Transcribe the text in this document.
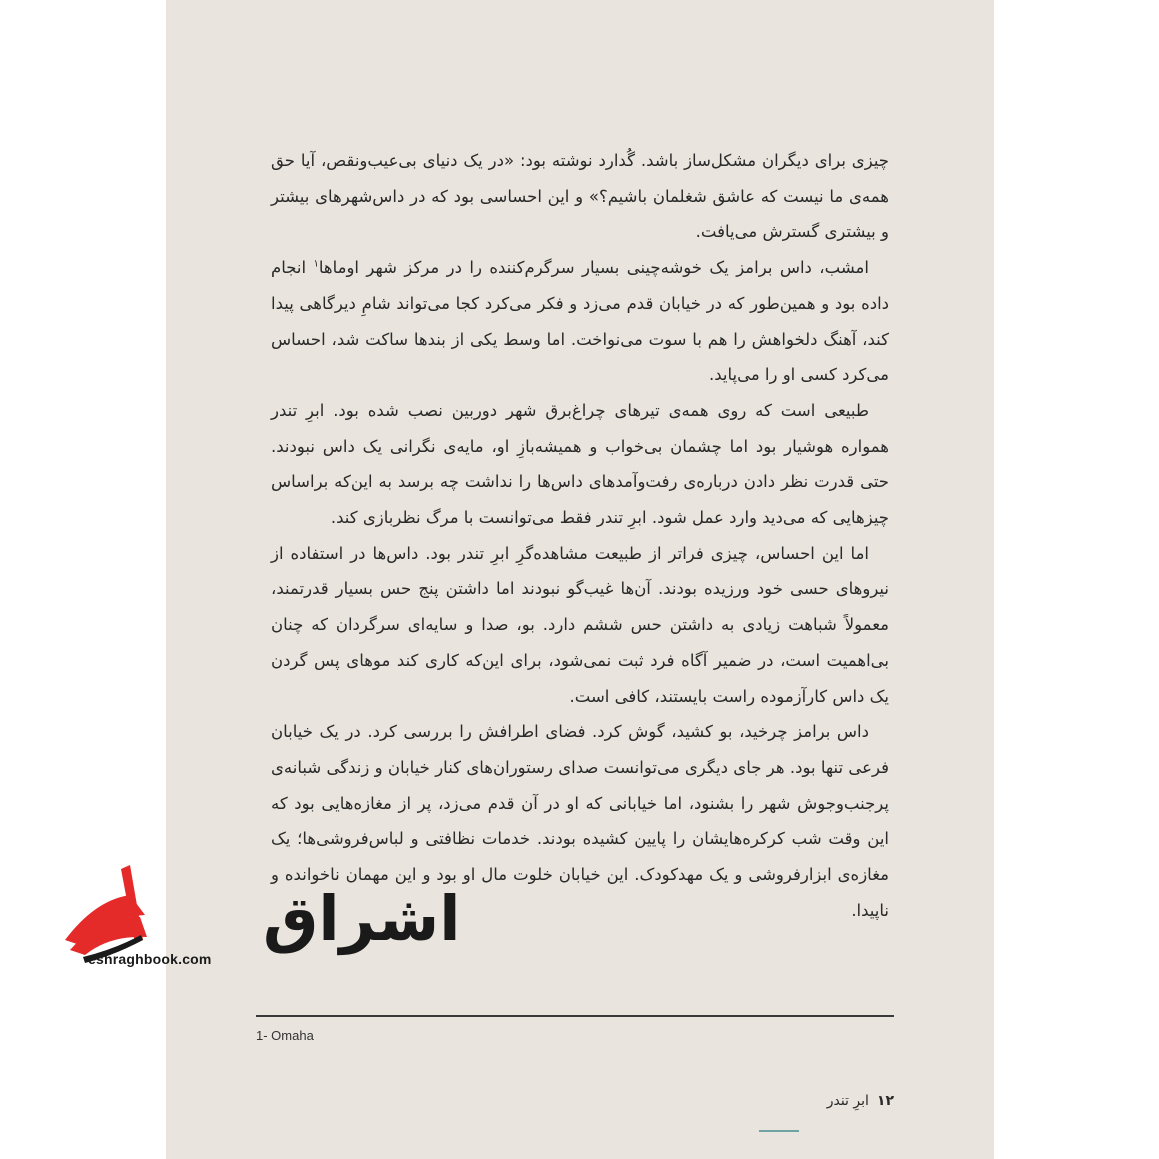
چیزی برای دیگران مشکل‌ساز باشد. گُدارد نوشته بود: «در یک دنیای بی‌عیب‌ونقص، آیا حق همه‌ی ما نیست که عاشق شغلمان باشیم؟» و این احساسی بود که در داس‌شهرهای بیشتر و بیشتری گسترش می‌یافت.

امشب، داس برامز یک خوشه‌چینی بسیار سرگرم‌کننده را در مرکز شهر اوماها$^۱$ انجام داده بود و همین‌طور که در خیابان قدم می‌زد و فکر می‌کرد کجا می‌تواند شامِ دیرگاهی پیدا کند، آهنگ دلخواهش را هم با سوت می‌نواخت. اما وسط یکی از بندها ساکت شد، احساس می‌کرد کسی او را می‌پاید.

طبیعی است که روی همه‌ی تیرهای چراغ‌برق شهر دوربین نصب شده بود. ابرِ تندر همواره هوشیار بود اما چشمان بی‌خواب و همیشه‌بازِ او، مایه‌ی نگرانی یک داس نبودند. حتی قدرت نظر دادن درباره‌ی رفت‌وآمدهای داس‌ها را نداشت چه برسد به این‌که براساس چیزهایی که می‌دید وارد عمل شود. ابرِ تندر فقط می‌توانست با مرگ نظربازی کند.

اما این احساس، چیزی فراتر از طبیعت مشاهده‌گرِ ابرِ تندر بود. داس‌ها در استفاده از نیروهای حسی خود ورزیده بودند. آن‌ها غیب‌گو نبودند اما داشتن پنج حس بسیار قدرتمند، معمولاً شباهت زیادی به داشتن حس ششم دارد. بو، صدا و سایه‌ای سرگردان که چنان بی‌اهمیت است، در ضمیر آگاه فرد ثبت نمی‌شود، برای این‌که کاری کند موهای پس گردن یک داس کارآزموده راست بایستند، کافی است.

داس برامز چرخید، بو کشید، گوش کرد. فضای اطرافش را بررسی کرد. در یک خیابان فرعی تنها بود. هر جای دیگری می‌توانست صدای رستوران‌های کنار خیابان و زندگی شبانه‌ی پرجنب‌وجوش شهر را بشنود، اما خیابانی که او در آن قدم می‌زد، پر از مغازه‌هایی بود که این وقت شب کرکره‌هایشان را پایین کشیده بودند. خدمات نظافتی و لباس‌فروشی‌ها؛ یک مغازه‌ی ابزارفروشی و یک مهدکودک. این خیابان خلوت مال او بود و این مهمان ناخوانده و ناپیدا.

1- Omaha
۱۲
ابرِ تندر
اشراق
eshraghbook.com
